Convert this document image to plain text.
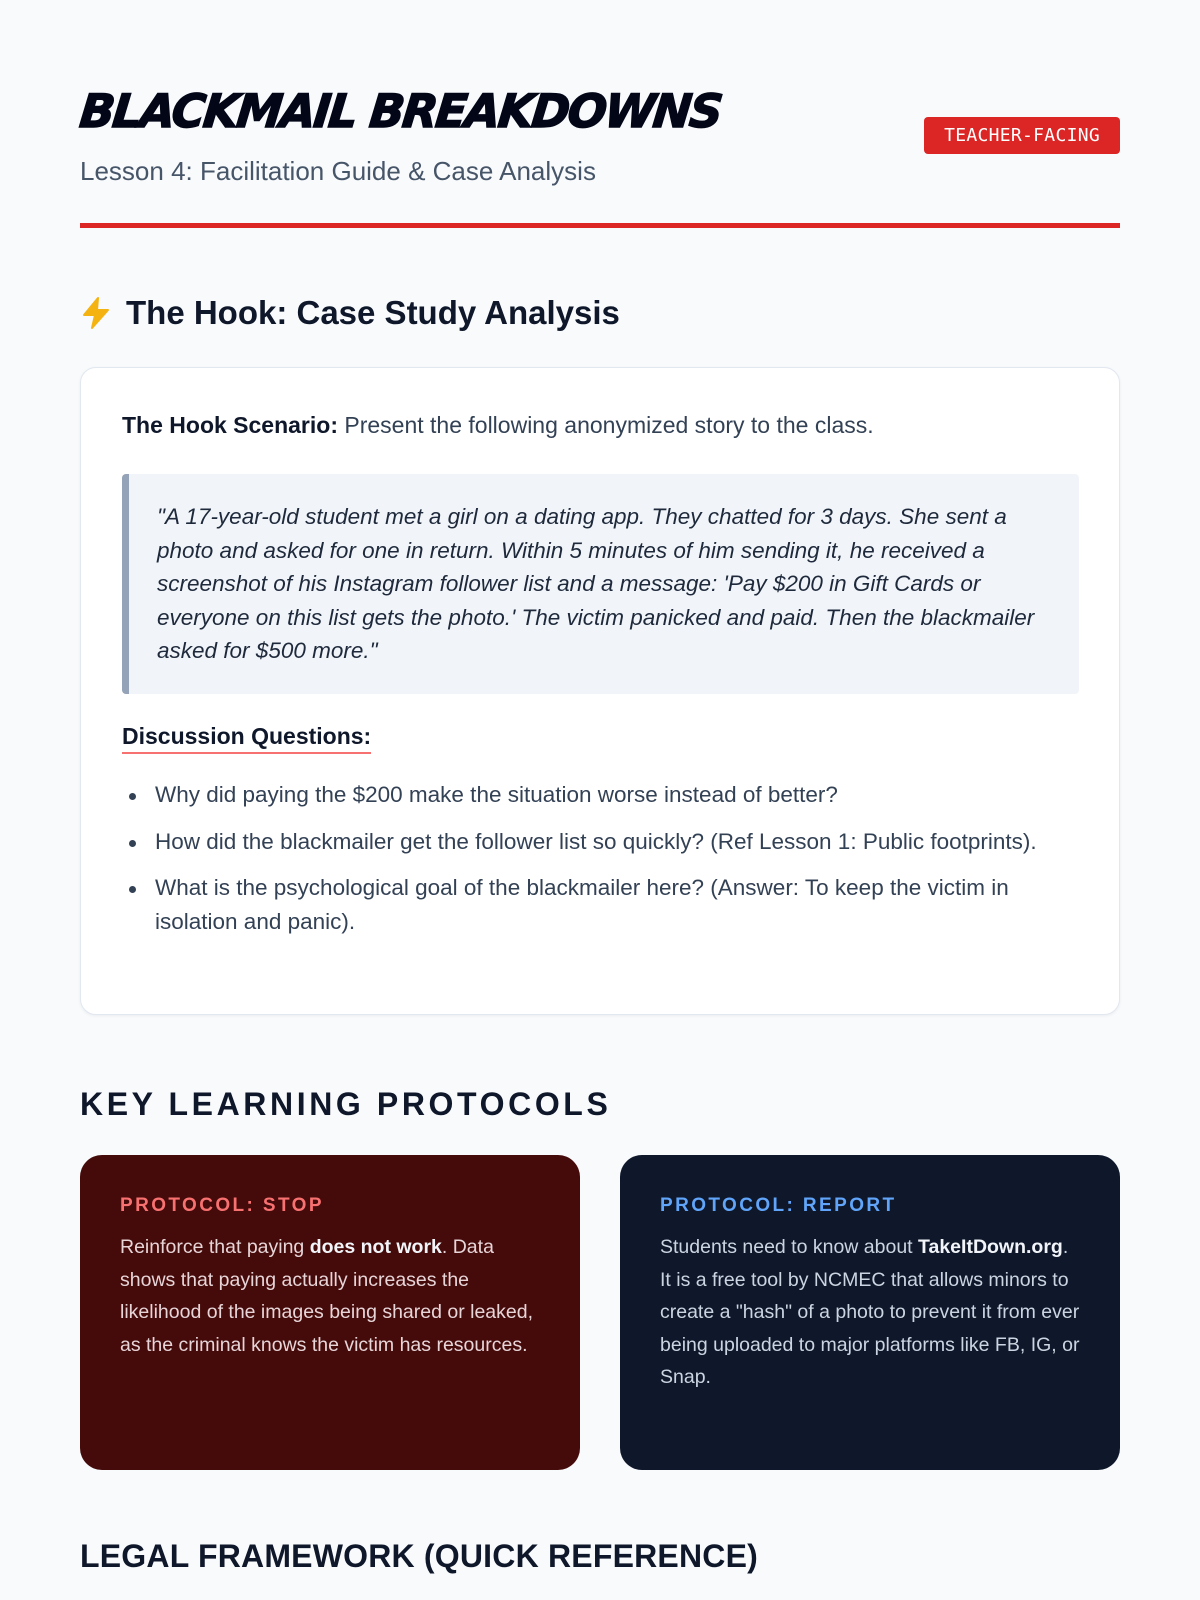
BLACKMAIL BREAKDOWNS
Lesson 4: Facilitation Guide & Case Analysis
TEACHER-FACING
The Hook: Case Study Analysis

The Hook Scenario: Present the following anonymized story to the class.

"A 17-year-old student met a girl on a dating app. They chatted for 3 days. She sent a photo and asked for one in return. Within 5 minutes of him sending it, he received a screenshot of his Instagram follower list and a message: 'Pay $200 in Gift Cards or everyone on this list gets the photo.' The victim panicked and paid. Then the blackmailer asked for $500 more."
Discussion Questions:
Why did paying the $200 make the situation worse instead of better?
How did the blackmailer get the follower list so quickly? (Ref Lesson 1: Public footprints).
What is the psychological goal of the blackmailer here? (Answer: To keep the victim in isolation and panic).
KEY LEARNING PROTOCOLS
PROTOCOL: STOP

Reinforce that paying does not work. Data shows that paying actually increases the likelihood of the images being shared or leaked, as the criminal knows the victim has resources.

PROTOCOL: REPORT

Students need to know about TakeItDown.org. It is a free tool by NCMEC that allows minors to create a "hash" of a photo to prevent it from ever being uploaded to major platforms like FB, IG, or Snap.

LEGAL FRAMEWORK (QUICK REFERENCE)
